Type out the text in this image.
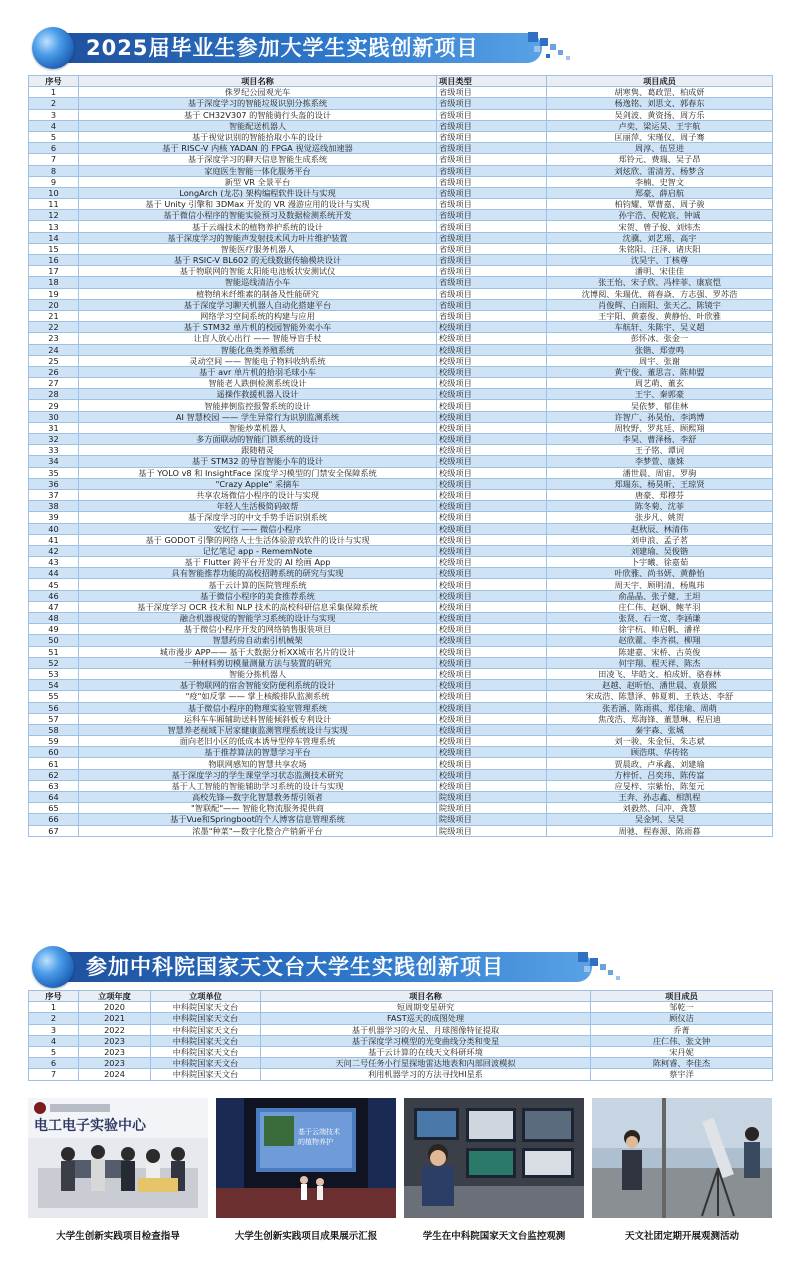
2025届毕业生参加大学生实践创新项目
序号	项目名称	项目类型	项目成员
1	侏罗纪公园观光车	省级项目	胡寒隽、葛政罡、柏成妍
2	基于深度学习的智能垃圾识别分拣系统	省级项目	杨逸铭、刘思文、郭春东
3	基于 CH32V307 的智能骑行头盔的设计	省级项目	吴剑波、黄资扬、周方乐
4	智能配送机器人	省级项目	卢奕、梁运昊、王宇航
5	基于视觉识别的智能拾取小车的设计	省级项目	匡丽萍、宋瑾仪、周子骞
6	基于 RISC-V 内核 YADAN 的 FPGA 视觉巡线加速器	省级项目	周淳、伍昱进
7	基于深度学习的聊天信息智能生成系统	省级项目	郑铃元、费瑞、吴子昂
8	家庭医生智能一体化服务平台	省级项目	刘炫欣、雷清芳、杨梦含
9	新型 VR 全景平台	省级项目	李楠、史智文
10	LongArch (龙芯) 架构编程软件设计与实现	省级项目	郑豪、薛启航
11	基于 Unity 引擎和 3DMax 开发的 VR 漫游应用的设计与实现	省级项目	柏钧耀、覃曹嘉、周子骏
12	基于微信小程序的智能实验预习及数据检测系统开发	省级项目	孙宇浩、倪乾宸、钟诚
13	基于云端技术的植物养护系统的设计	省级项目	宋贺、曾子俊、刘炜杰
14	基于深度学习的智能声发射技术风力叶片维护装置	省级项目	沈骥、刘艺瑶、高宇
15	智能医疗服务机器人	省级项目	朱铭阳、汪泽、诸庆阳
16	基于 RSIC-V BL602 的无线数据传输模块设计	省级项目	沈昊宇、丁核尊
17	基于物联网的智能太阳能电池板状安测试仪	省级项目	潘明、宋佳佳
18	智能巡线清洁小车	省级项目	张王怡、宋子欣、冯梓菲、康宸恺
19	植物纳米纤维素的制备及性能研究	省级项目	沈博阅、朱瑞优、蒋春焱、方志强、罗苏浩
20	基于深度学习聊天机器人自动化搭建平台	省级项目	肖俊辉、白雨阳、张天乙、陈镜宇
21	网络学习空间系统的构建与应用	省级项目	王宇阳、黄嘉俊、黄静怡、叶欣雅
22	基于 STM32 单片机的校园智能外卖小车	校级项目	车航轩、朱陈宇、吴义超
23	让盲人放心出行 —— 智能导盲手杖	校级项目	彭怀冰、张金一
24	智能化鱼类养殖系统	校级项目	张锴、郑壹鸣
25	灵动空间 —— 智能电子物料收纳系统	校级项目	周宇、张谢
26	基于 avr 单片机的拾羽毛球小车	校级项目	黄宁俊、董思言、陈帅盟
27	智能老人跌倒检测系统设计	校级项目	周艺萌、董玄
28	遥操作救援机器人设计	校级项目	王宇、秦郭豪
29	智能摔倒监控报警系统的设计	校级项目	吴依梦、郁佳林
30	AI 智慧校园 —— 学生异常行为识别监测系统	校级项目	许智广、孙昊怡、李鸿博
31	智能炒菜机器人	校级项目	周牧野、罗兆廷、顾熙翔
32	多方面联动的智能门锁系统的设计	校级项目	李昊、曹泽杨、李舒
33	跟随精灵	校级项目	王子铭、谭词
34	基于 STM32 的导盲智能小车的设计	校级项目	李梦萱、康姝
35	基于 YOLO v8 和 InsightFace 深度学习模型的门禁安全保障系统	校级项目	潘世晨、周宙、罗驹
36	"Crazy Apple" 采摘车	校级项目	郑瑞东、杨昊昕、王琼贤
37	共享农场微信小程序的设计与实现	校级项目	唐豪、郑穆芬
38	年轻人生活极简码蚁帮	校级项目	陈冬菊、沈菲
39	基于深度学习的中文手势手语识别系统	校级项目	张步凡、姚贺
40	安忆行 —— 微信小程序	校级项目	赵秋辰、林清伟
41	基于 GODOT 引擎的网络人士生活体验游戏软件的设计与实现	校级项目	刘申浪、孟子茗
42	记忆笔记 app - RememNote	校级项目	刘建瑜、吴俊锴
43	基于 Flutter 跨平台开发的 AI 绘画 App	校级项目	卜宇曦、徐嘉茹
44	具有智能推荐功能的高校招聘系统的研究与实现	校级项目	叶欣雅、尚书妍、黄静怡
45	基于云计算的医院管理系统	校级项目	周天宇、顾明清、杨胤玮
46	基于微信小程序的美食推荐系统	校级项目	俞晶晶、张子健、王坦
47	基于深度学习 OCR 技术和 NLP 技术的高校科研信息采集保障系统	校级项目	庄仁伟、赵娴、鲍芊羽
48	融合机器视觉的智能学习系统的设计与实现	校级项目	张贤、石一宽、李涵谦
49	基于微信小程序开发的网络销售服装项目	校级项目	徐宇杭、帅启帆、潘祥
50	智慧药房自动索引机械架	校级项目	赵欣藿、李齐祺、柳翔
51	城市漫步 APP—— 基于大数据分析XX城市名片的设计	校级项目	陈建嘉、宋桥、古英俊
52	一种材料剪切模量测量方法与装置的研究	校级项目	何宇翔、程天祥、陈杰
53	智能分拣机器人	校级项目	田凌飞、毕皓文、柏成妍、骆春林
54	基于物联网的宿舍智能安防便利系统的设计	校级项目	赵越、赵昕怡、潘世晨、袁景熙
55	"疫"如反掌 —— 掌上核酸排队监测系统	校级项目	宋成浩、陈慧泽、韩夏莉、王轶达、李舒
56	基于微信小程序的物理实验室管理系统	校级项目	张若涵、陈雨祺、郑佳瑜、周萌
57	运科车车厢辅助送料智能倾斜板专利设计	校级项目	焦茂浩、郑海锋、董慧琳、程启迪
58	智慧养老视域下居家健康监测管理系统设计与实现	校级项目	秦宇森、张城
59	面向老旧小区的低成本诱导型停车管理系统	校级项目	刘一骏、朱金恒、朱志斌
60	基于推荐算法的智慧学习平台	校级项目	顾浩琪、华传铭
61	物联网感知的智慧共享农场	校级项目	贾晨政、卢承鑫、刘建瑜
62	基于深度学习的学生课堂学习状态监测技术研究	校级项目	方梓忻、吕奕玮、陈传富
63	基于人工智能的智能辅助学习系统的设计与实现	校级项目	应旻梓、宗紫怡、陈玺元
64	高校先锋—数字化智慧教务帮引领者	院级项目	王奔、孙志鑫、相凯程
65	"智联配"—— 智能化物流服务提供商	院级项目	刘毅然、闫冲、龚慧
66	基于Vue和Springboot的个人博客信息管理系统	院级项目	吴金钶、吴昊
67	浓墨"种菜"—数字化整合产销新平台	院级项目	周驰、程春源、陈雨暮
参加中科院国家天文台大学生实践创新项目
序号	立项年度	立项单位	项目名称	项目成员
1	2020	中科院国家天文台	短周期变星研究	邹乾一
2	2021	中科院国家天文台	FAST巡天的成图处理	顾仪洁
3	2022	中科院国家天文台	基于机器学习的火星、月球图像特征提取	乔菁
4	2023	中科院国家天文台	基于深度学习模型的光变曲线分类和变星	庄仁伟、张文钟
5	2023	中科院国家天文台	基于云计算的在线天文科研环境	宋丹妮
6	2023	中科院国家天文台	天问二号任务小行星探地雷达地表和内部回波模拟	陈柯睿、李佳杰
7	2024	中科院国家天文台	利用机器学习的方法寻找HI星系	蔡宇洋
电工电子实验中心	基于云端技术
的植物养护
大学生创新实践项目检查指导	大学生创新实践项目成果展示汇报	学生在中科院国家天文台监控观测	天文社团定期开展观测活动
